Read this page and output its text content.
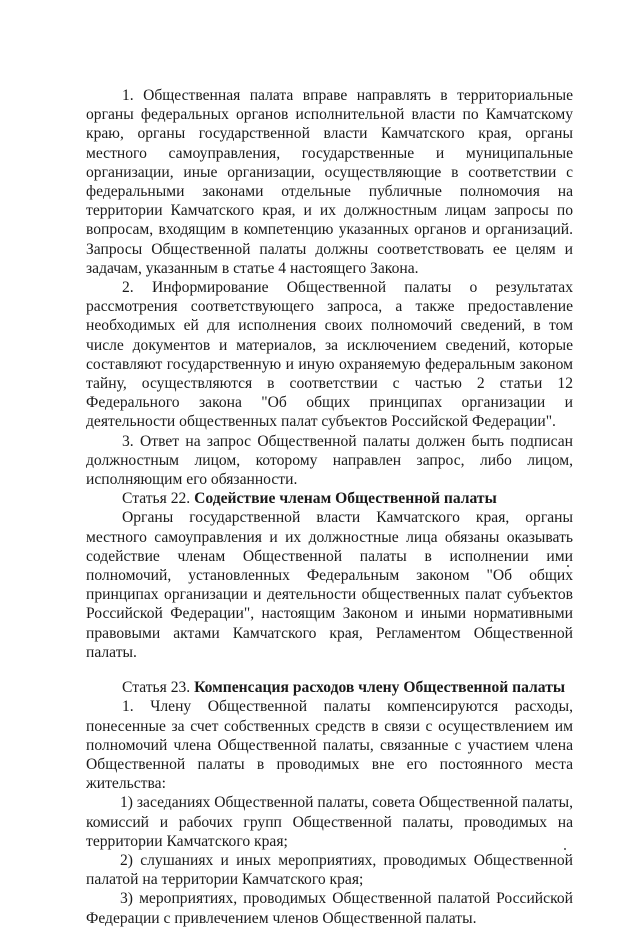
1. Общественная палата вправе направлять в территориальные органы федеральных органов исполнительной власти по Камчатскому краю, органы государственной власти Камчатского края, органы местного самоуправления, государственные и муниципальные организации, иные организации, осуществляющие в соответствии с федеральными законами отдельные публичные полномочия на территории Камчатского края, и их должностным лицам запросы по вопросам, входящим в компетенцию указанных органов и организаций. Запросы Общественной палаты должны соответствовать ее целям и задачам, указанным в статье 4 настоящего Закона.

2. Информирование Общественной палаты о результатах рассмотрения соответствующего запроса, а также предоставление необходимых ей для исполнения своих полномочий сведений, в том числе документов и материалов, за исключением сведений, которые составляют государственную и иную охраняемую федеральным законом тайну, осуществляются в соответствии с частью 2 статьи 12 Федерального закона "Об общих принципах организации и деятельности общественных палат субъектов Российской Федерации".

3. Ответ на запрос Общественной палаты должен быть подписан должностным лицом, которому направлен запрос, либо лицом, исполняющим его обязанности.

Статья 22. Содействие членам Общественной палаты

Органы государственной власти Камчатского края, органы местного самоуправления и их должностные лица обязаны оказывать содействие членам Общественной палаты в исполнении ими полномочий, установленных Федеральным законом "Об общих принципах организации и деятельности общественных палат субъектов Российской Федерации", настоящим Законом и иными нормативными правовыми актами Камчатского края, Регламентом Общественной палаты.

Статья 23. Компенсация расходов члену Общественной палаты

1. Члену Общественной палаты компенсируются расходы, понесенные за счет собственных средств в связи с осуществлением им полномочий члена Общественной палаты, связанные с участием члена Общественной палаты в проводимых вне его постоянного места жительства:

1) заседаниях Общественной палаты, совета Общественной палаты, комиссий и рабочих групп Общественной палаты, проводимых на территории Камчатского края;

2) слушаниях и иных мероприятиях, проводимых Общественной палатой на территории Камчатского края;

3) мероприятиях, проводимых Общественной палатой Российской Федерации с привлечением членов Общественной палаты.
